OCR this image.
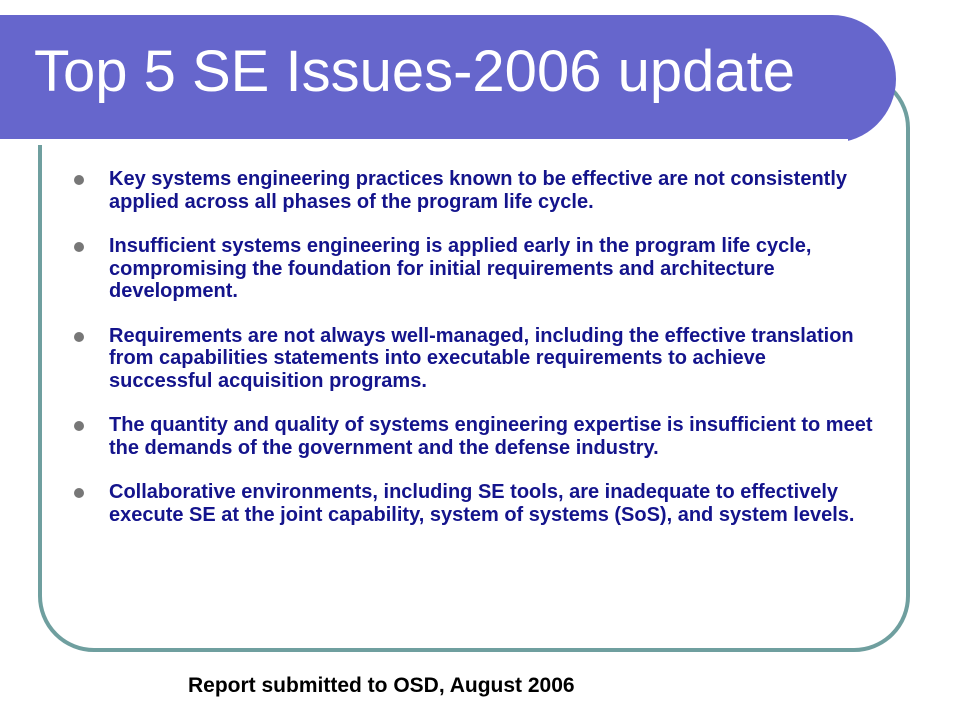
Top 5 SE Issues-2006 update
Key systems engineering practices known to be effective are not consistently applied across all phases of the program life cycle.
Insufficient systems engineering is applied early in the program life cycle, compromising the foundation for initial requirements and architecture development.
Requirements are not always well-managed, including the effective translation from capabilities statements into executable requirements to achieve successful acquisition programs.
The quantity and quality of systems engineering expertise is insufficient to meet the demands of the government and the defense industry.
Collaborative environments, including SE tools, are inadequate to effectively execute SE at the joint capability, system of systems (SoS), and system levels.

Report submitted to OSD, August 2006
